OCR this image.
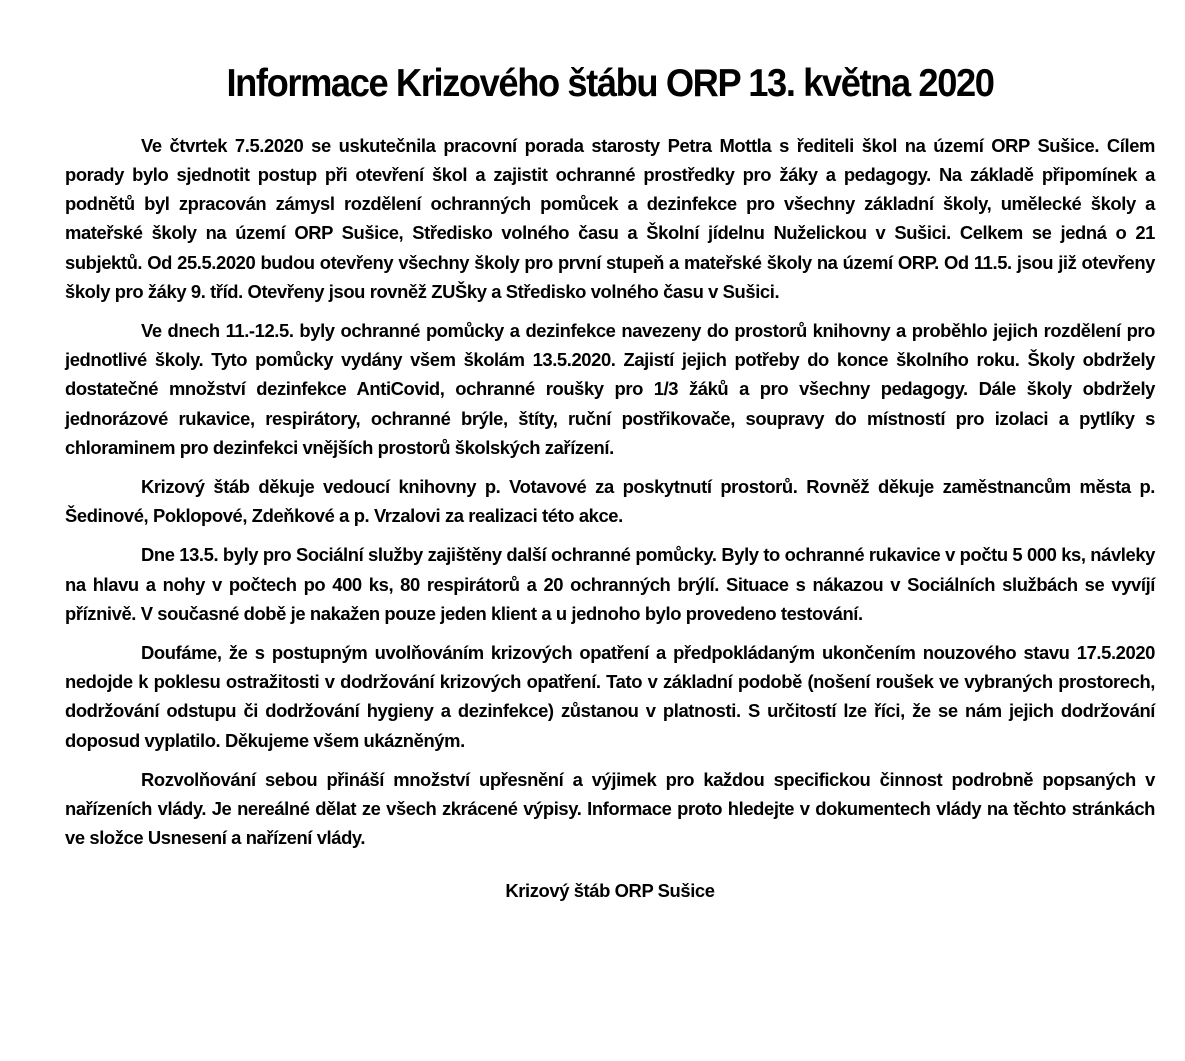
Informace Krizového štábu ORP 13. května 2020

Ve čtvrtek 7.5.2020 se uskutečnila pracovní porada starosty Petra Mottla s řediteli škol na území ORP Sušice. Cílem porady bylo sjednotit postup při otevření škol a zajistit ochranné prostředky pro žáky a pedagogy. Na základě připomínek a podnětů byl zpracován zámysl rozdělení ochranných pomůcek a dezinfekce pro všechny základní školy, umělecké školy a mateřské školy na území ORP Sušice, Středisko volného času a Školní jídelnu Nuželickou v Sušici. Celkem se jedná o 21 subjektů. Od 25.5.2020 budou otevřeny všechny školy pro první stupeň a mateřské školy na území ORP. Od 11.5. jsou již otevřeny školy pro žáky 9. tříd. Otevřeny jsou rovněž ZUŠky a Středisko volného času v Sušici.

Ve dnech 11.-12.5. byly ochranné pomůcky a dezinfekce navezeny do prostorů knihovny a proběhlo jejich rozdělení pro jednotlivé školy. Tyto pomůcky vydány všem školám 13.5.2020. Zajistí jejich potřeby do konce školního roku. Školy obdržely dostatečné množství dezinfekce AntiCovid, ochranné roušky pro 1/3 žáků a pro všechny pedagogy. Dále školy obdržely jednorázové rukavice, respirátory, ochranné brýle, štíty, ruční postřikovače, soupravy do místností pro izolaci a pytlíky s chloraminem pro dezinfekci vnějších prostorů školských zařízení.

Krizový štáb děkuje vedoucí knihovny p. Votavové za poskytnutí prostorů. Rovněž děkuje zaměstnancům města p. Šedinové, Poklopové, Zdeňkové a p. Vrzalovi za realizaci této akce.

Dne 13.5. byly pro Sociální služby zajištěny další ochranné pomůcky. Byly to ochranné rukavice v počtu 5 000 ks, návleky na hlavu a nohy v počtech po 400 ks, 80 respirátorů a 20 ochranných brýlí. Situace s nákazou v Sociálních službách se vyvíjí příznivě. V současné době je nakažen pouze jeden klient a u jednoho bylo provedeno testování.

Doufáme, že s postupným uvolňováním krizových opatření a předpokládaným ukončením nouzového stavu 17.5.2020 nedojde k poklesu ostražitosti v dodržování krizových opatření. Tato v základní podobě (nošení roušek ve vybraných prostorech, dodržování odstupu či dodržování hygieny a dezinfekce) zůstanou v platnosti. S určitostí lze říci, že se nám jejich dodržování doposud vyplatilo. Děkujeme všem ukázněným.

Rozvolňování sebou přináší množství upřesnění a výjimek pro každou specifickou činnost podrobně popsaných v nařízeních vlády. Je nereálné dělat ze všech zkrácené výpisy. Informace proto hledejte v dokumentech vlády na těchto stránkách ve složce Usnesení a nařízení vlády.

Krizový štáb ORP Sušice
